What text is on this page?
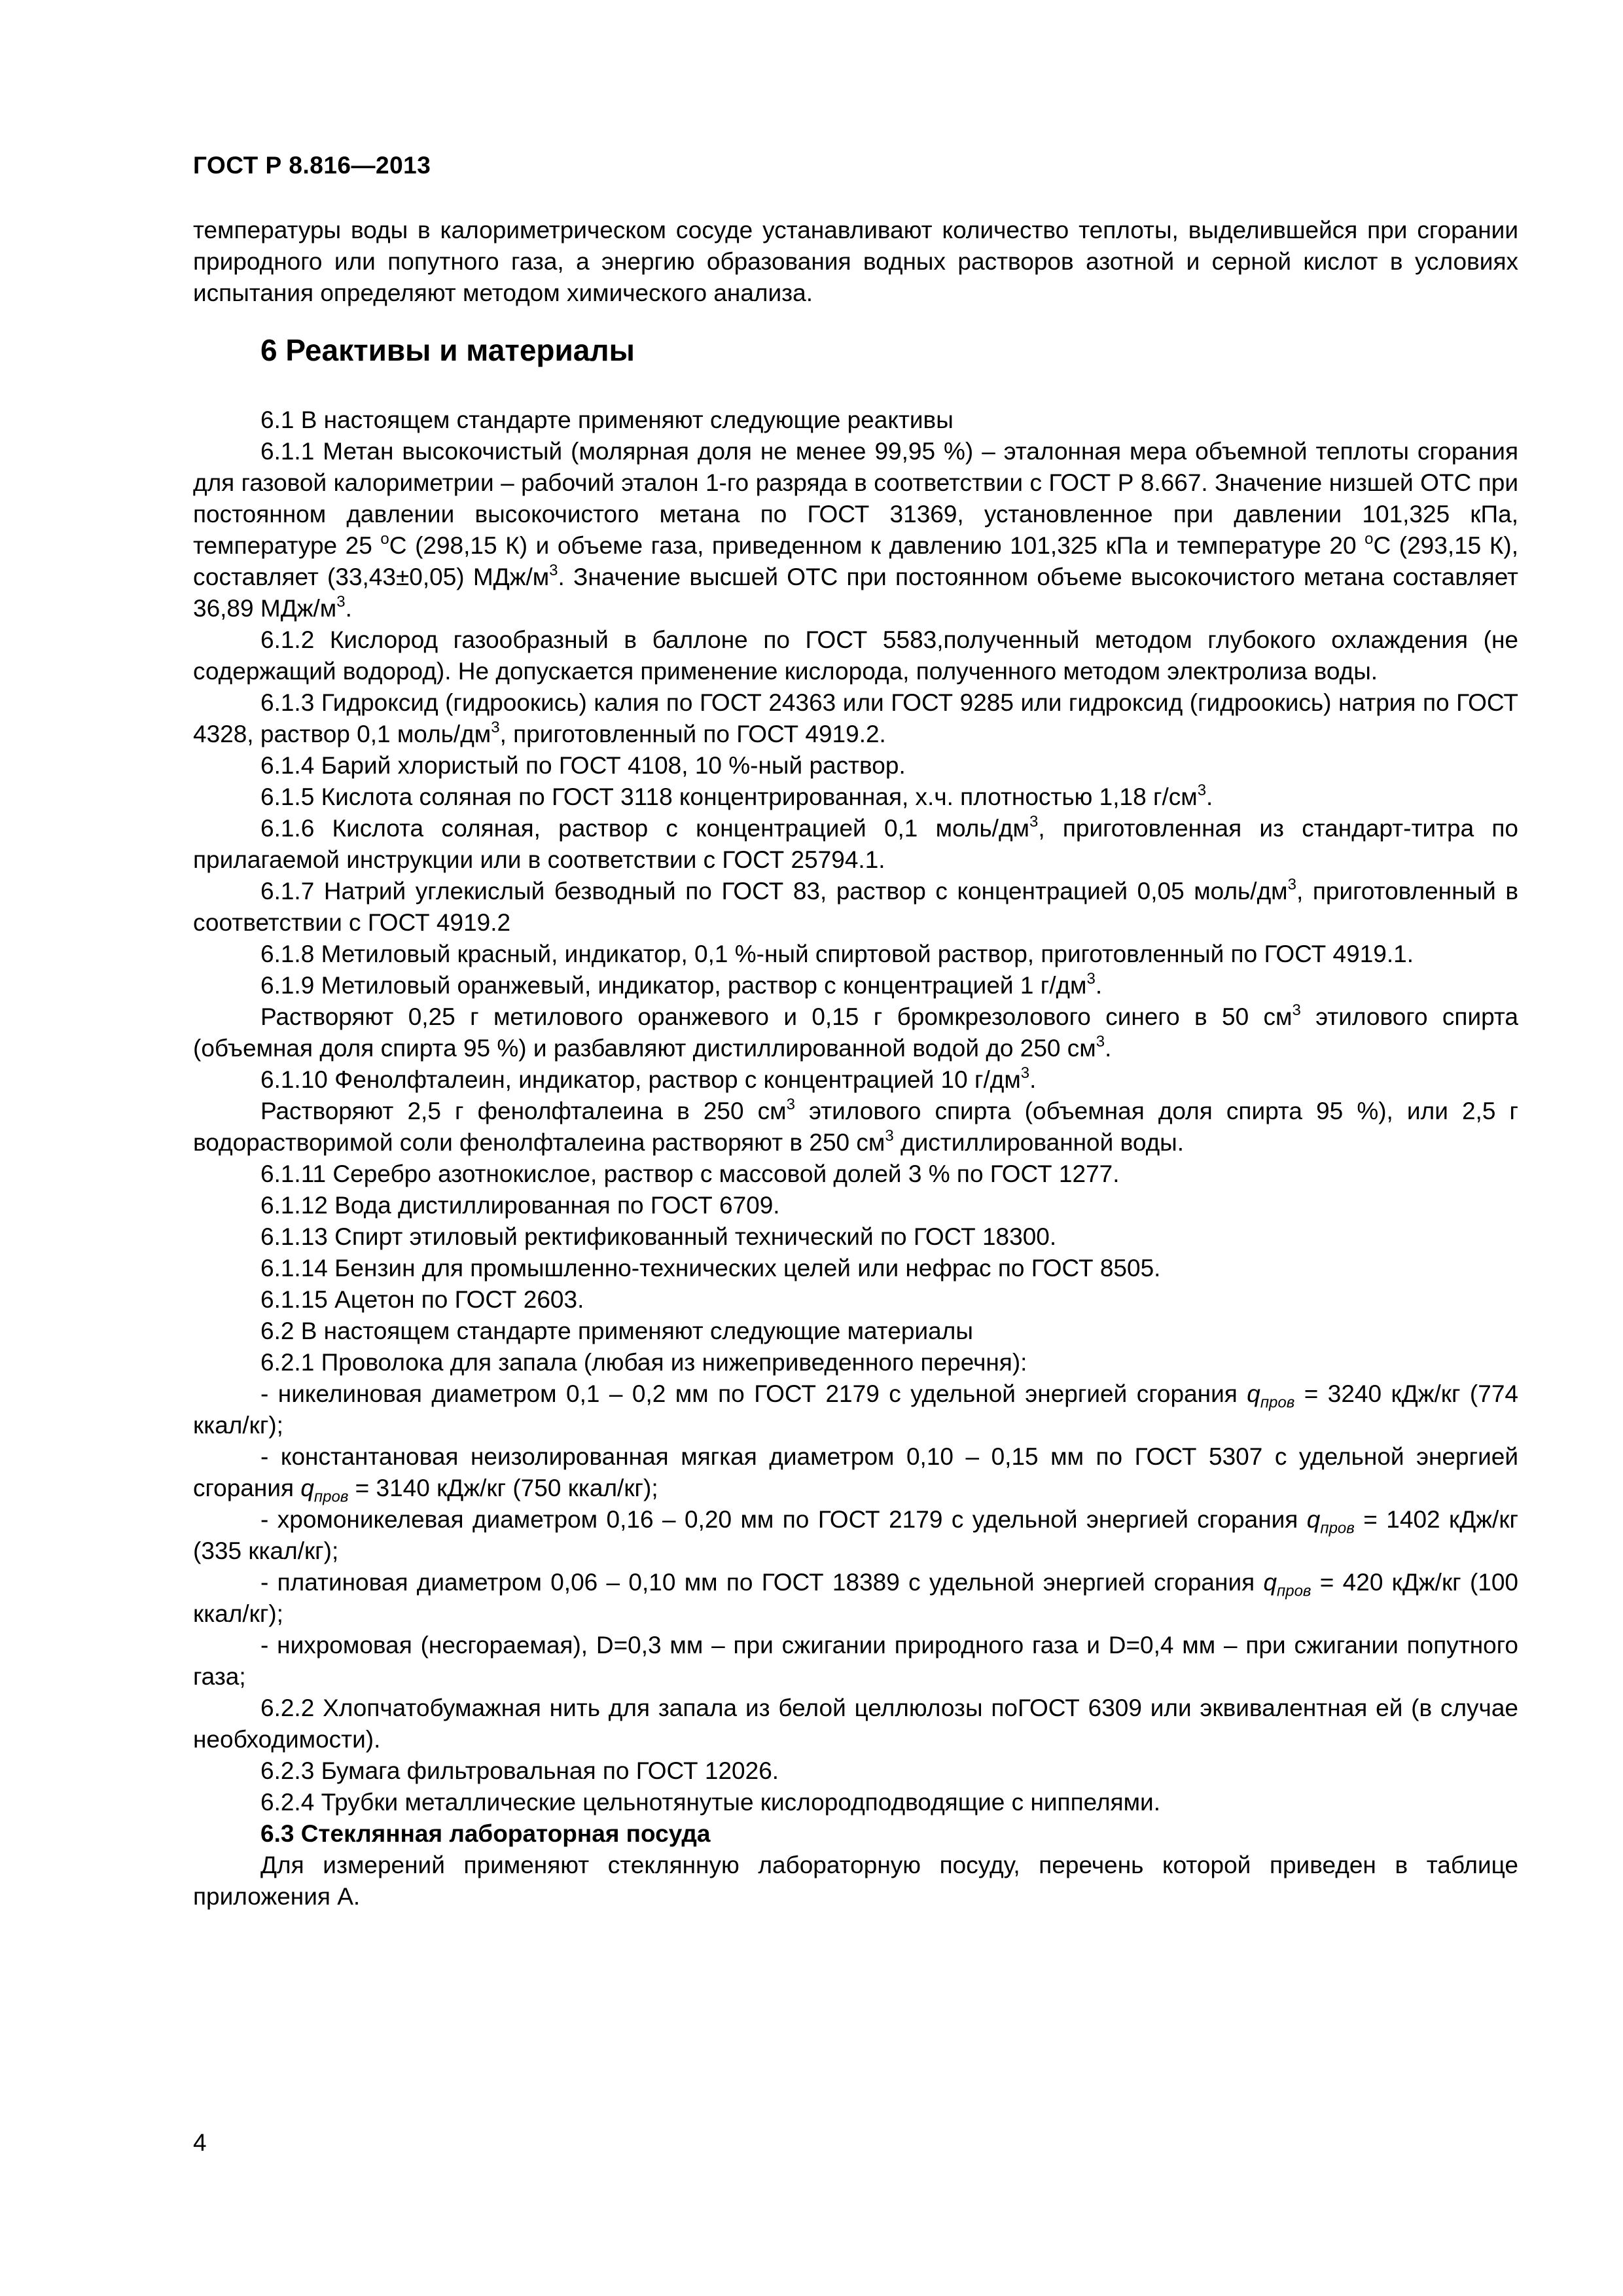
ГОСТ Р 8.816—2013

температуры воды в калориметрическом сосуде устанавливают количество теплоты, выделившейся при сгорании природного или попутного газа, а энергию образования водных растворов азотной и серной кислот в условиях испытания определяют методом химического анализа.

6 Реактивы и материалы

6.1 В настоящем стандарте применяют следующие реактивы

6.1.1 Метан высокочистый (молярная доля не менее 99,95 %) – эталонная мера объемной теплоты сгорания для газовой калориметрии – рабочий эталон 1-го разряда в соответствии с ГОСТ Р 8.667. Значение низшей ОТС при постоянном давлении высокочистого метана по ГОСТ 31369, установленное при давлении 101,325 кПа, температуре 25 $^o$С (298,15 К) и объеме газа, приведенном к давлению 101,325 кПа и температуре 20 $^o$С (293,15 К), составляет (33,43±0,05) МДж/$м^3$. Значение высшей ОТС при постоянном объеме высокочистого метана составляет 36,89 МДж/$м^3$.

6.1.2 Кислород газообразный в баллоне по ГОСТ 5583,полученный методом глубокого охлаждения (не содержащий водород). Не допускается применение кислорода, полученного методом электролиза воды.

6.1.3 Гидроксид (гидроокись) калия по ГОСТ 24363 или ГОСТ 9285 или гидроксид (гидроокись) натрия по ГОСТ 4328, раствор 0,1 моль/$дм^3$, приготовленный по ГОСТ 4919.2.

6.1.4 Барий хлористый по ГОСТ 4108, 10 %-ный раствор.

6.1.5 Кислота соляная по ГОСТ 3118 концентрированная, х.ч. плотностью 1,18 $г/см^3$.

6.1.6 Кислота соляная, раствор с концентрацией 0,1 моль/$дм^3$, приготовленная из стандарт-титра по прилагаемой инструкции или в соответствии с ГОСТ 25794.1.

6.1.7 Натрий углекислый безводный по ГОСТ 83, раствор с концентрацией 0,05 моль/$дм^3$, приготовленный в соответствии с ГОСТ 4919.2

6.1.8 Метиловый красный, индикатор, 0,1 %-ный спиртовой раствор, приготовленный по ГОСТ 4919.1.

6.1.9 Метиловый оранжевый, индикатор, раствор с концентрацией 1 $г/дм^3$.

Растворяют 0,25 г метилового оранжевого и 0,15 г бромкрезолового синего в 50 $см^3$ этилового спирта (объемная доля спирта 95 %) и разбавляют дистиллированной водой до 250 $см^3$.

6.1.10 Фенолфталеин, индикатор, раствор с концентрацией 10 $г/дм^3$.

Растворяют 2,5 г фенолфталеина в 250 $см^3$ этилового спирта (объемная доля спирта 95 %), или 2,5 г водорастворимой соли фенолфталеина растворяют в 250 $см^3$ дистиллированной воды.

6.1.11 Серебро азотнокислое, раствор с массовой долей 3 % по ГОСТ 1277.

6.1.12 Вода дистиллированная по ГОСТ 6709.

6.1.13 Спирт этиловый ректификованный технический по ГОСТ 18300.

6.1.14 Бензин для промышленно-технических целей или нефрас по ГОСТ 8505.

6.1.15 Ацетон по ГОСТ 2603.

6.2 В настоящем стандарте применяют следующие материалы

6.2.1 Проволока для запала (любая из нижеприведенного перечня):

- никелиновая диаметром 0,1 – 0,2 мм по ГОСТ 2179 с удельной энергией сгорания $q_{пров} = 3240$ кДж/кг (774 ккал/кг);

- константановая неизолированная мягкая диаметром 0,10 – 0,15 мм по ГОСТ 5307 с удельной энергией сгорания $q_{пров} = 3140$ кДж/кг (750 ккал/кг);

- хромоникелевая диаметром 0,16 – 0,20 мм по ГОСТ 2179 с удельной энергией сгорания $q_{пров} = 1402$ кДж/кг (335 ккал/кг);

- платиновая диаметром 0,06 – 0,10 мм по ГОСТ 18389 с удельной энергией сгорания $q_{пров} = 420$ кДж/кг (100 ккал/кг);

- нихромовая (несгораемая), D=0,3 мм – при сжигании природного газа и D=0,4 мм – при сжигании попутного газа;

6.2.2 Хлопчатобумажная нить для запала из белой целлюлозы поГОСТ 6309 или эквивалентная ей (в случае необходимости).

6.2.3 Бумага фильтровальная по ГОСТ 12026.

6.2.4 Трубки металлические цельнотянутые кислородподводящие с ниппелями.

6.3 Стеклянная лабораторная посуда

Для измерений применяют стеклянную лабораторную посуду, перечень которой приведен в таблице приложения А.

4
